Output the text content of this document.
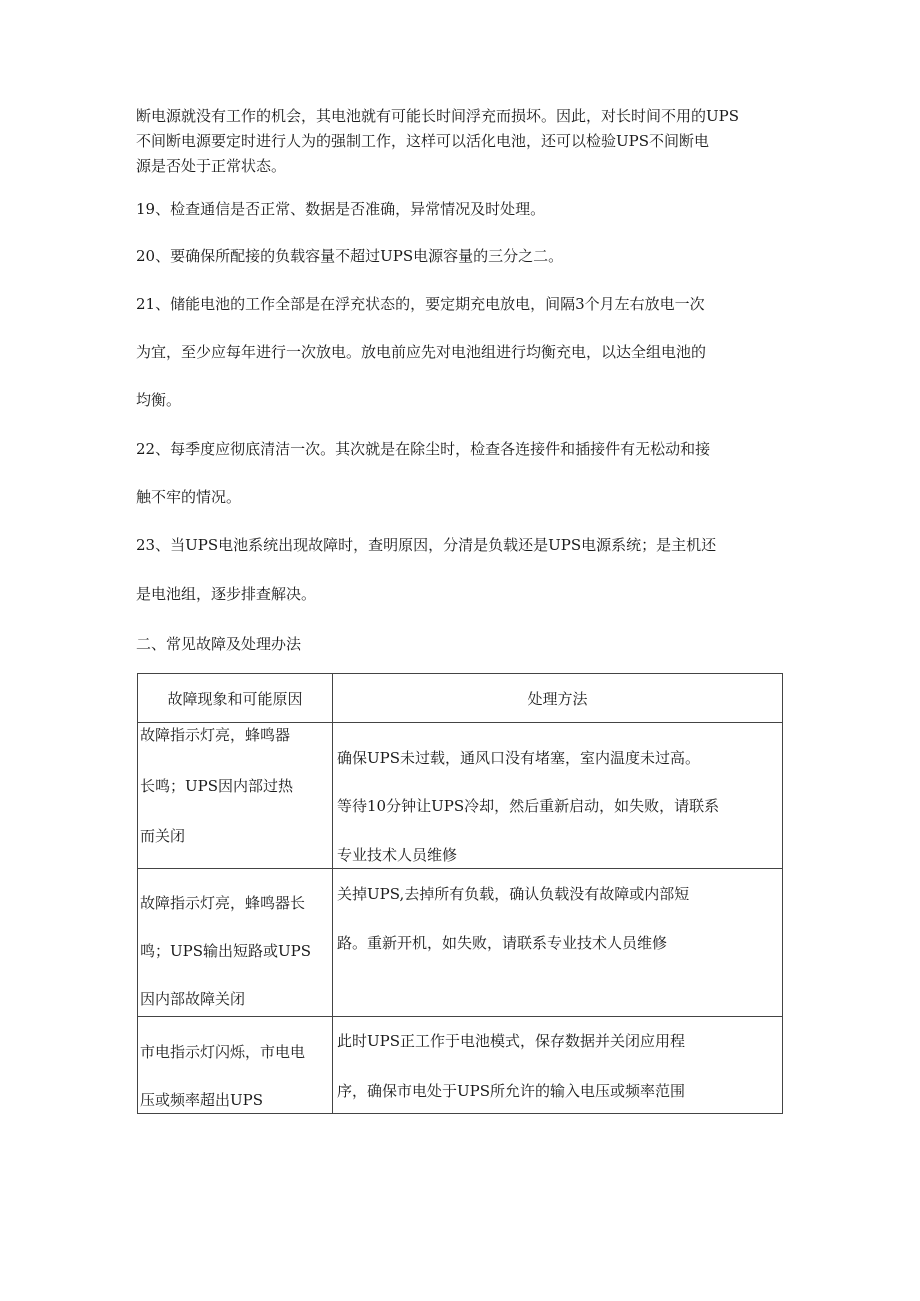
断电源就没有工作的机会，其电池就有可能长时间浮充而损坏。因此，对长时间不用的UPS
不间断电源要定时进行人为的强制工作，这样可以活化电池，还可以检验UPS不间断电
源是否处于正常状态。
19、检查通信是否正常、数据是否准确，异常情况及时处理。
20、要确保所配接的负载容量不超过UPS电源容量的三分之二。
21、储能电池的工作全部是在浮充状态的，要定期充电放电，间隔3个月左右放电一次
为宜，至少应每年进行一次放电。放电前应先对电池组进行均衡充电，以达全组电池的
均衡。
22、每季度应彻底清洁一次。其次就是在除尘时，检查各连接件和插接件有无松动和接
触不牢的情况。
23、当UPS电池系统出现故障时，查明原因，分清是负载还是UPS电源系统；是主机还
是电池组，逐步排查解决。
二、常见故障及处理办法
故障现象和可能原因	处理方法

故障指示灯亮，蜂鸣器
长鸣；UPS因内部过热
而关闭	确保UPS未过载，通风口没有堵塞，室内温度未过高。
等待10分钟让UPS冷却，然后重新启动，如失败，请联系
专业技术人员维修

故障指示灯亮，蜂鸣器长
鸣；UPS输出短路或UPS
因内部故障关闭	关掉UPS,去掉所有负载，确认负载没有故障或内部短
路。重新开机，如失败，请联系专业技术人员维修

市电指示灯闪烁，市电电
压或频率超出UPS	此时UPS正工作于电池模式，保存数据并关闭应用程
序，确保市电处于UPS所允许的输入电压或频率范围
